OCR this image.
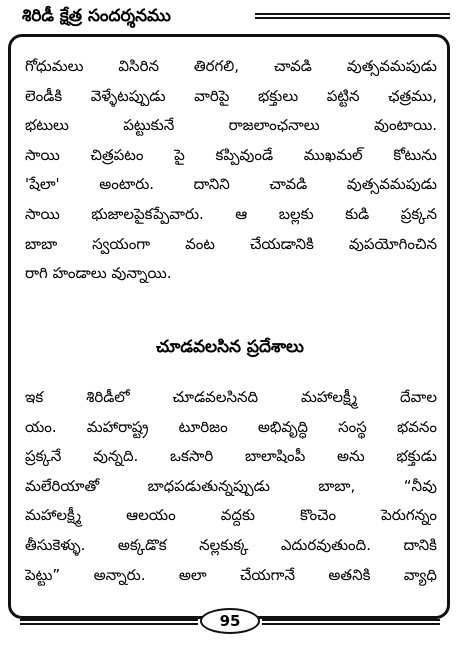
శిరిడీ క్షేత్ర సందర్శనము
గోధుమలు విసిరిన తిరగలి, చావడి వుత్సవమపుడు
లెండీకి వెళ్ళేటప్పుడు వారిపై భక్తులు పట్టిన ఛత్రము,
భటులు పట్టుకునే రాజలాంఛనాలు వుంటాయి.
సాయి చిత్రపటం పై కప్పివుండే ముఖమల్ కోటును
'షేలా' అంటారు. దానిని చావడి వుత్సవమపుడు
సాయి భుజాలపైకప్పేవారు. ఆ బల్లకు కుడి ప్రక్కన
బాబా స్వయంగా వంట చేయడానికి వుపయోగించిన
రాగి హండాలు వున్నాయి.
చూడవలసిన ప్రదేశాలు
ఇక శిరిడీలో చూడవలసినది మహాలక్ష్మీ దేవాల
యం. మహారాష్ట్ర టూరిజం అభివృద్ధి సంస్థ భవనం
ప్రక్కనే వున్నది. ఒకసారి బాలాషింపీ అను భక్తుడు
మలేరియాతో బాధపడుతున్నప్పుడు బాబా, “నీవు
మహాలక్ష్మీ ఆలయం వద్దకు కొంచెం పెరుగన్నం
తీసుకెళ్ళు. అక్కడొక నల్లకుక్క ఎదురవుతుంది. దానికి
పెట్టు” అన్నారు. అలా చేయగానే అతనికి వ్యాధి
95
